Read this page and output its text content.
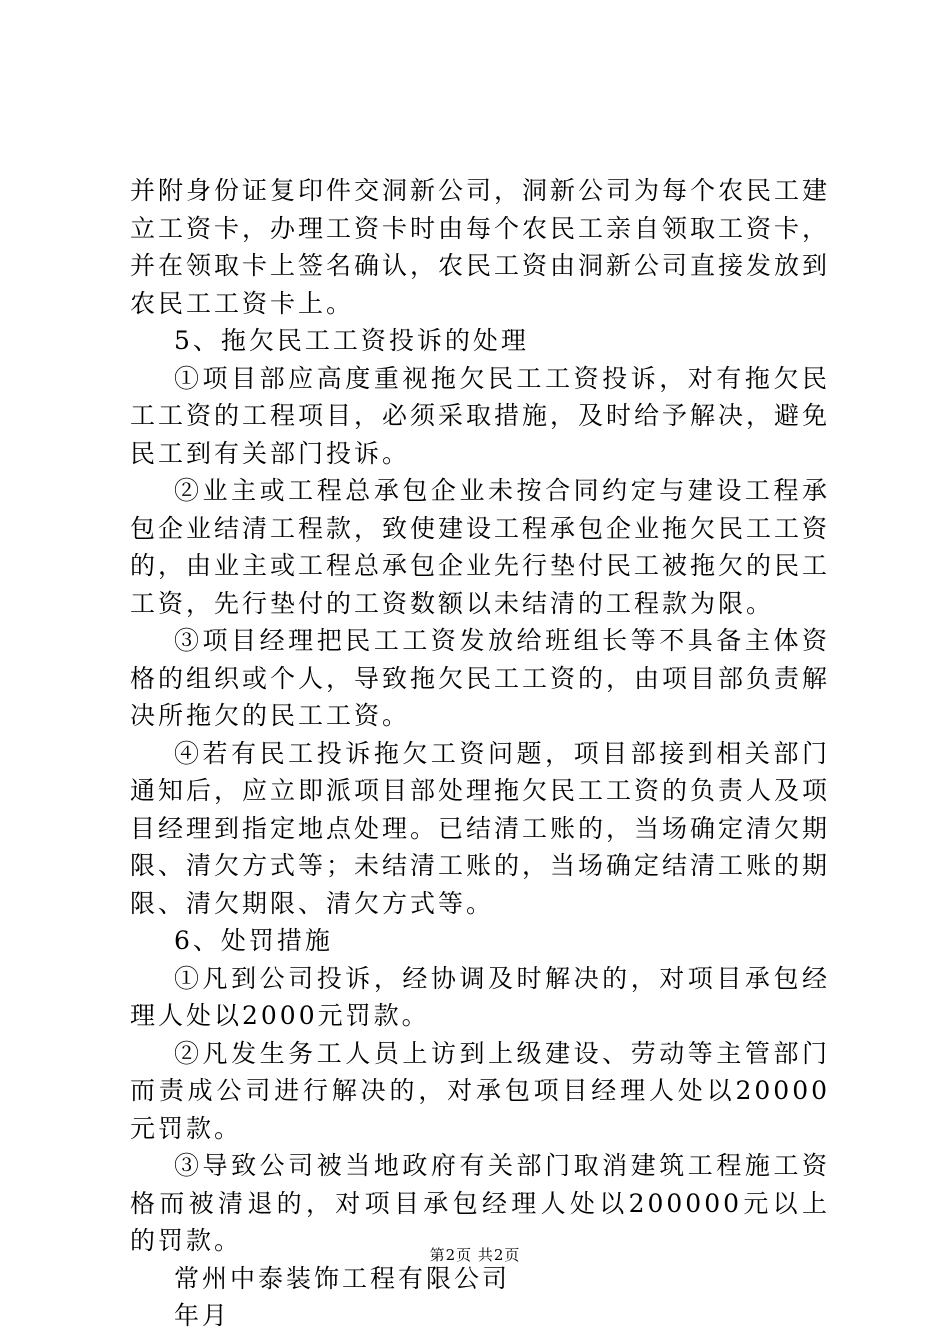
并附身份证复印件交洞新公司，洞新公司为每个农民工建立工资卡，办理工资卡时由每个农民工亲自领取工资卡，并在领取卡上签名确认，农民工资由洞新公司直接发放到农民工工资卡上。

5、拖欠民工工资投诉的处理

①项目部应高度重视拖欠民工工资投诉，对有拖欠民工工资的工程项目，必须采取措施，及时给予解决，避免民工到有关部门投诉。

②业主或工程总承包企业未按合同约定与建设工程承包企业结清工程款，致使建设工程承包企业拖欠民工工资的，由业主或工程总承包企业先行垫付民工被拖欠的民工工资，先行垫付的工资数额以未结清的工程款为限。

③项目经理把民工工资发放给班组长等不具备主体资格的组织或个人，导致拖欠民工工资的，由项目部负责解决所拖欠的民工工资。

④若有民工投诉拖欠工资问题，项目部接到相关部门通知后，应立即派项目部处理拖欠民工工资的负责人及项目经理到指定地点处理。已结清工账的，当场确定清欠期限、清欠方式等；未结清工账的，当场确定结清工账的期限、清欠期限、清欠方式等。

6、处罚措施

①凡到公司投诉，经协调及时解决的，对项目承包经理人处以2000元罚款。

②凡发生务工人员上访到上级建设、劳动等主管部门而责成公司进行解决的，对承包项目经理人处以20000元罚款。

③导致公司被当地政府有关部门取消建筑工程施工资格而被清退的，对项目承包经理人处以200000元以上的罚款。

常州中泰装饰工程有限公司

年月

第2页 共2页
